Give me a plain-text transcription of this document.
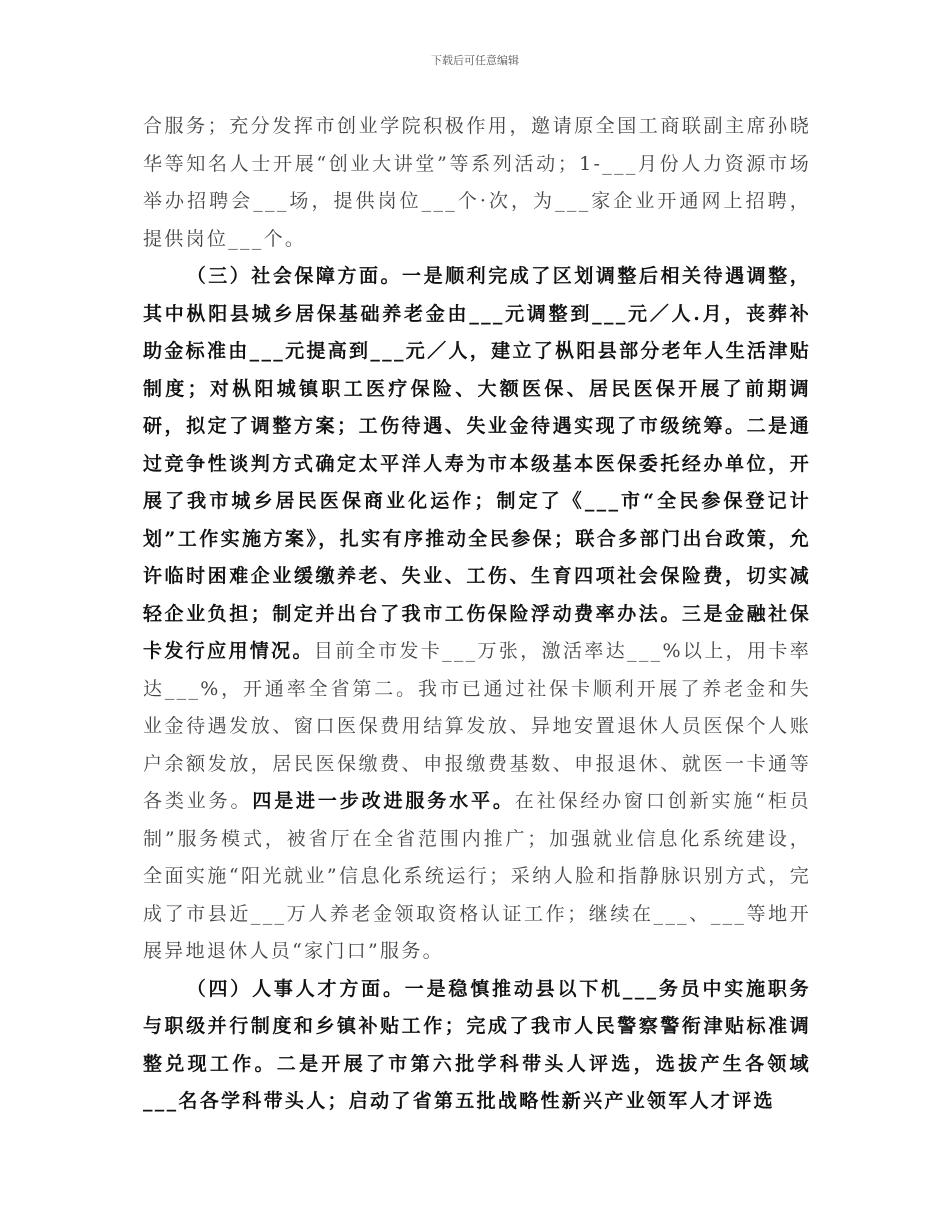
下载后可任意编辑

合服务；充分发挥市创业学院积极作用，邀请原全国工商联副主席孙晓华等知名人士开展“创业大讲堂”等系列活动；1-___月份人力资源市场举办招聘会___场，提供岗位___个·次，为___家企业开通网上招聘，提供岗位___个。

（三）社会保障方面。一是顺利完成了区划调整后相关待遇调整，其中枞阳县城乡居保基础养老金由___元调整到___元／人.月，丧葬补助金标准由___元提高到___元／人，建立了枞阳县部分老年人生活津贴制度；对枞阳城镇职工医疗保险、大额医保、居民医保开展了前期调研，拟定了调整方案；工伤待遇、失业金待遇实现了市级统筹。二是通过竞争性谈判方式确定太平洋人寿为市本级基本医保委托经办单位，开展了我市城乡居民医保商业化运作；制定了《___市“全民参保登记计划”工作实施方案》，扎实有序推动全民参保；联合多部门出台政策，允许临时困难企业缓缴养老、失业、工伤、生育四项社会保险费，切实减轻企业负担；制定并出台了我市工伤保险浮动费率办法。三是金融社保卡发行应用情况。目前全市发卡___万张，激活率达___%以上，用卡率达___%，开通率全省第二。我市已通过社保卡顺利开展了养老金和失业金待遇发放、窗口医保费用结算发放、异地安置退休人员医保个人账户余额发放，居民医保缴费、申报缴费基数、申报退休、就医一卡通等各类业务。四是进一步改进服务水平。在社保经办窗口创新实施“柜员制”服务模式，被省厅在全省范围内推广；加强就业信息化系统建设，全面实施“阳光就业”信息化系统运行；采纳人脸和指静脉识别方式，完成了市县近___万人养老金领取资格认证工作；继续在___、___等地开展异地退休人员“家门口”服务。

（四）人事人才方面。一是稳慎推动县以下机___务员中实施职务与职级并行制度和乡镇补贴工作；完成了我市人民警察警衔津贴标准调整兑现工作。二是开展了市第六批学科带头人评选，选拔产生各领域___名各学科带头人；启动了省第五批战略性新兴产业领军人才评选
